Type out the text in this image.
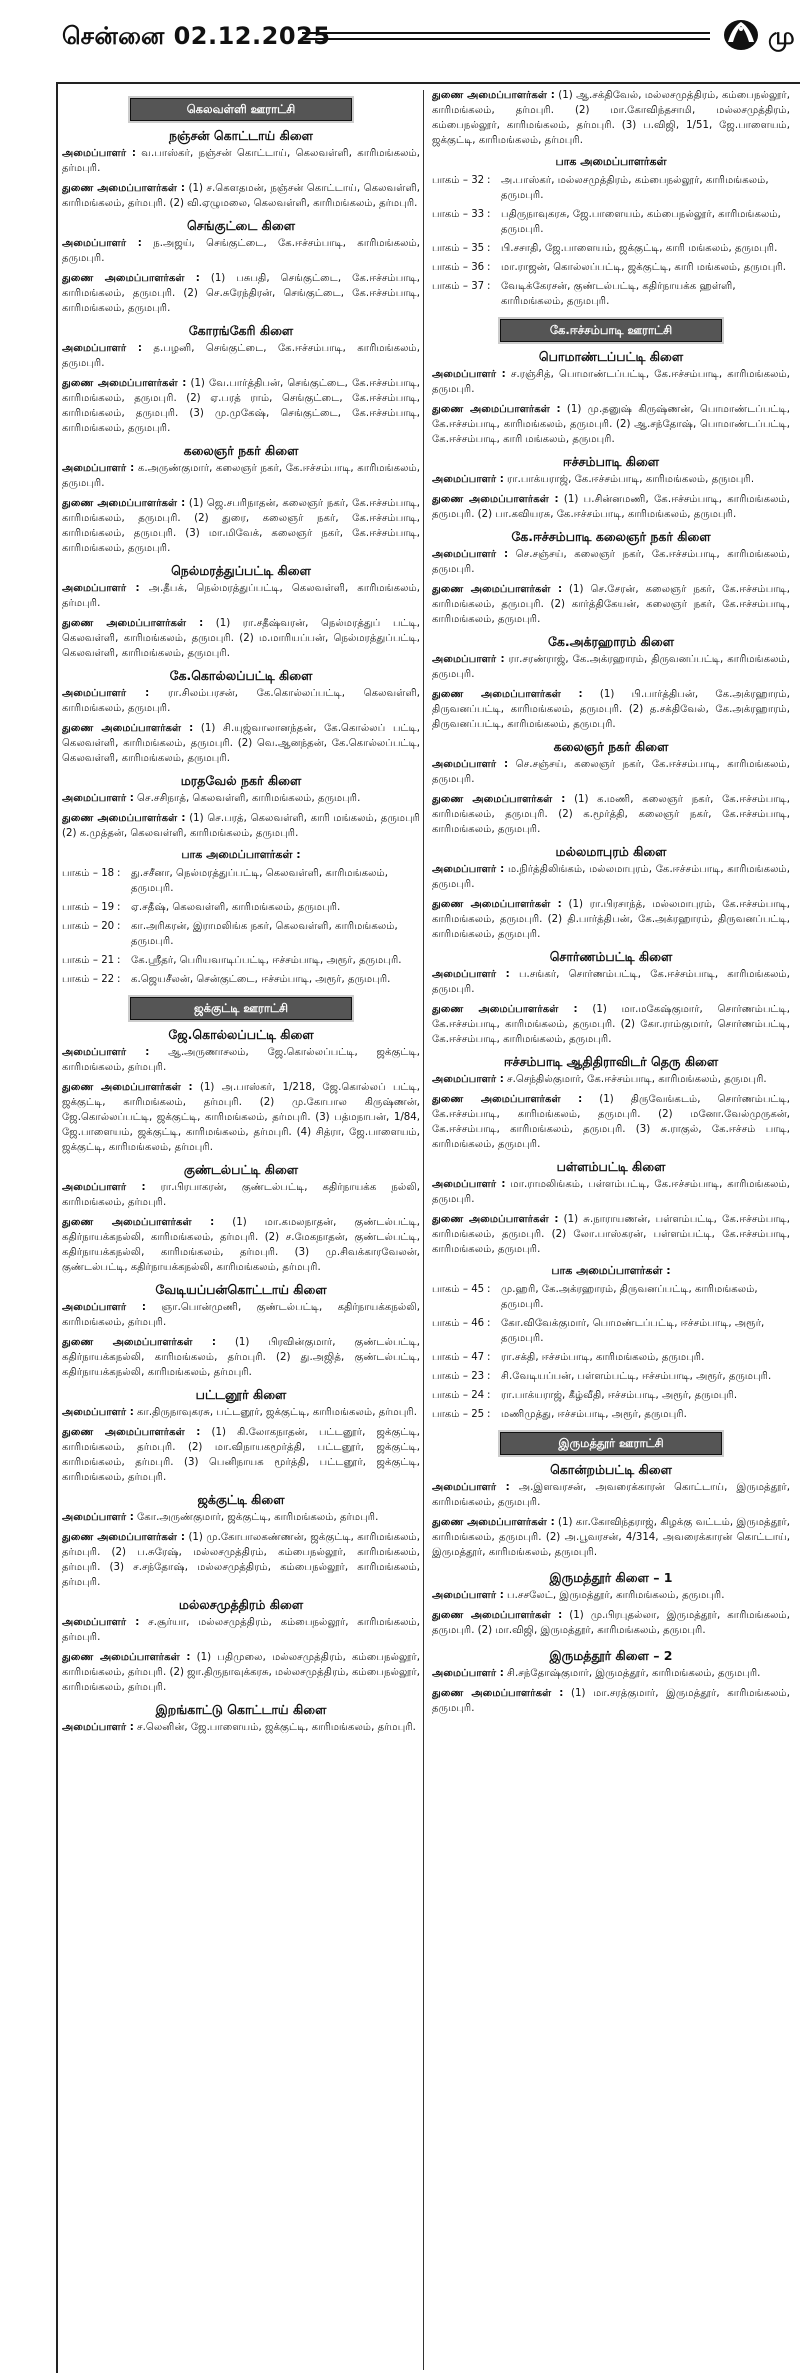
சென்னை 02.12.2025	மு
கெலவள்ளி ஊராட்சி
நஞ்சன் கொட்டாய் கிளை
அமைப்பாளர் : வ.பாஸ்கர், நஞ்சன் கொட்டாய், கெலவள்ளி, காரிமங்கலம், தர்மபுரி.
துணை அமைப்பாளர்கள் : (1) ச.கௌதமன், நஞ்சன் கொட்டாய், கெலவள்ளி, காரிமங்கலம், தர்மபுரி. (2) வி.ஏழுமலை, கெலவள்ளி, காரிமங்கலம், தர்மபுரி.
செங்குட்டை கிளை
அமைப்பாளர் : ந.அஜய், செங்குட்டை, கே.ஈச்சம்பாடி, காரிமங்கலம், தருமபுரி.
துணை அமைப்பாளர்கள் : (1) பசுபதி, செங்குட்டை, கே.ஈச்சம்பாடி, காரிமங்கலம், தருமபுரி. (2) செ.சுரேந்திரன், செங்குட்டை, கே.ஈச்சம்பாடி, காரிமங்கலம், தருமபுரி.
கோரங்கேரி கிளை
அமைப்பாளர் : த.பழனி, செங்குட்டை, கே.ஈச்சம்பாடி, காரிமங்கலம், தருமபுரி.
துணை அமைப்பாளர்கள் : (1) வே.பார்த்திபன், செங்குட்டை, கே.ஈச்சம்பாடி, காரிமங்கலம், தருமபுரி. (2) ஏ.பரத் ராம், செங்குட்டை, கே.ஈச்சம்பாடி, காரிமங்கலம், தருமபுரி. (3) மு.முகேஷ், செங்குட்டை, கே.ஈச்சம்பாடி, காரிமங்கலம், தருமபுரி.
கலைஞர் நகர் கிளை
அமைப்பாளர் : க.அருண்குமார், கலைஞர் நகர், கே.ஈச்சம்பாடி, காரிமங்கலம், தருமபுரி.
துணை அமைப்பாளர்கள் : (1) ஜெ.சபரிநாதன், கலைஞர் நகர், கே.ஈச்சம்பாடி, காரிமங்கலம், தருமபுரி. (2) துரை, கலைஞர் நகர், கே.ஈச்சம்பாடி, காரிமங்கலம், தருமபுரி. (3) மா.மிவேக், கலைஞர் நகர், கே.ஈச்சம்பாடி, காரிமங்கலம், தருமபுரி.
நெல்மரத்துப்பட்டி கிளை
அமைப்பாளர் : அ.தீபக், நெல்மரத்துப்பட்டி, கெலவள்ளி, காரிமங்கலம், தர்மபுரி.
துணை அமைப்பாளர்கள் : (1) ரா.சதீஷ்வரன், நெல்மரத்துப் பட்டி, கெலவள்ளி, காரிமங்கலம், தருமபுரி. (2) ம.மாரியப்பன், நெல்மரத்துப்பட்டி, கெலவள்ளி, காரிமங்கலம், தருமபுரி.
கே.கொல்லப்பட்டி கிளை
அமைப்பாளர் : ரா.சிலம்பரசன், கே.கொல்லப்பட்டி, கெலவள்ளி, காரிமங்கலம், தருமபுரி.
துணை அமைப்பாளர்கள் : (1) சி.யுஜ்வாலானந்தன், கே.கொல்லப் பட்டி, கெலவள்ளி, காரிமங்கலம், தருமபுரி. (2) வெ.ஆனந்தன், கே.கொல்லப்பட்டி, கெலவள்ளி, காரிமங்கலம், தருமபுரி.
மரதவேல் நகர் கிளை
அமைப்பாளர் : செ.சசிநாத், கெலவள்ளி, காரிமங்கலம், தருமபுரி.
துணை அமைப்பாளர்கள் : (1) செ.பரத், கெலவள்ளி, காரி மங்கலம், தருமபுரி (2) க.முத்தன், கெலவள்ளி, காரிமங்கலம், தருமபுரி.
பாக அமைப்பாளர்கள் :
பாகம் – 18 :	து.சசீனா, நெல்மரத்துப்பட்டி, கெலவள்ளி, காரிமங்கலம், தருமபுரி.
பாகம் – 19 :	ஏ.சதீஷ், கெலவள்ளி, காரிமங்கலம், தருமபுரி.
பாகம் – 20 :	கா.அரிகரன், இராமலிங்க நகர், கெலவள்ளி, காரிமங்கலம், தருமபுரி.
பாகம் – 21 :	கே.ஸ்ரீதர், பெரியவாடிப்பட்டி, ஈச்சம்பாடி, அரூர், தருமபுரி.
பாகம் – 22 :	க.ஜெயசீலன், சென்குட்டை, ஈச்சம்பாடி, அரூர், தருமபுரி.
ஜக்குட்டி ஊராட்சி
ஜே.கொல்லப்பட்டி கிளை
அமைப்பாளர் : ஆ.அருணாசலம், ஜே.கொல்லப்பட்டி, ஜக்குட்டி, காரிமங்கலம், தர்மபுரி.
துணை அமைப்பாளர்கள் : (1) அ.பாஸ்கர், 1/218, ஜே.கொல்லப் பட்டி, ஜக்குட்டி, காரிமங்கலம், தர்மபுரி. (2) மு.கோபால கிருஷ்ணன், ஜே.கொல்லப்பட்டி, ஜக்குட்டி, காரிமங்கலம், தர்மபுரி. (3) பத்மநாபன், 1/84, ஜே.பாளையம், ஜக்குட்டி, காரிமங்கலம், தர்மபுரி. (4) சித்ரா, ஜே.பாளையம், ஜக்குட்டி, காரிமங்கலம், தர்மபுரி.
குண்டல்பட்டி கிளை
அமைப்பாளர் : ரா.பிரபாகரன், குண்டல்பட்டி, கதிர்நாயக்க நல்லி, காரிமங்கலம், தர்மபுரி.
துணை அமைப்பாளர்கள் : (1) மா.கமலநாதன், குண்டல்பட்டி, கதிர்நாயக்கநல்லி, காரிமங்கலம், தர்மபுரி. (2) ச.மேகநாதன், குண்டல்பட்டி, கதிர்நாயக்கநல்லி, காரிமங்கலம், தர்மபுரி. (3) மு.சிவக்காரவேலன், குண்டல்பட்டி, கதிர்நாயக்கநல்லி, காரிமங்கலம், தர்மபுரி.
வேடியப்பன்கொட்டாய் கிளை
அமைப்பாளர் : ஞா.பொன்முணி, குண்டல்பட்டி, கதிர்நாயக்கநல்லி, காரிமங்கலம், தர்மபுரி.
துணை அமைப்பாளர்கள் : (1) பிரவின்குமார், குண்டல்பட்டி, கதிர்நாயக்கநல்லி, காரிமங்கலம், தர்மபுரி. (2) து.அஜித், குண்டல்பட்டி, கதிர்நாயக்கநல்லி, காரிமங்கலம், தர்மபுரி.
பட்டனூர் கிளை
அமைப்பாளர் : கா.திருநாவுகரசு, பட்டனூர், ஜக்குட்டி, காரிமங்கலம், தர்மபுரி.
துணை அமைப்பாளர்கள் : (1) கி.லோகநாதன், பட்டனூர், ஜக்குட்டி, காரிமங்கலம், தர்மபுரி. (2) மா.விநாயகமூர்த்தி, பட்டனூர், ஜக்குட்டி, காரிமங்கலம், தர்மபுரி. (3) பெனிநாயக மூர்த்தி, பட்டனூர், ஜக்குட்டி, காரிமங்கலம், தர்மபுரி.
ஜக்குட்டி கிளை
அமைப்பாளர் : கோ.அருண்குமார், ஜக்குட்டி, காரிமங்கலம், தர்மபுரி.
துணை அமைப்பாளர்கள் : (1) மு.கோபாலகண்ணன், ஜக்குட்டி, காரிமங்கலம், தர்மபுரி. (2) ப.சுரேஷ், மல்லசமுத்திரம், கம்பைநல்லூர், காரிமங்கலம், தர்மபுரி. (3) ச.சந்தோஷ், மல்லசமுத்திரம், கம்பைநல்லூர், காரிமங்கலம், தர்மபுரி.
மல்லசமுத்திரம் கிளை
அமைப்பாளர் : ச.சூர்யா, மல்லசமுத்திரம், கம்பைநல்லூர், காரிமங்கலம், தர்மபுரி.
துணை அமைப்பாளர்கள் : (1) பதிமுலை, மல்லசமுத்திரம், கம்பைநல்லூர், காரிமங்கலம், தர்மபுரி. (2) ஜா.திருநாவுக்கரசு, மல்லசமுத்திரம், கம்பைநல்லூர், காரிமங்கலம், தர்மபுரி.
இறங்காட்டு கொட்டாய் கிளை
அமைப்பாளர் : ச.லெனின், ஜே.பாளையம், ஜக்குட்டி, காரிமங்கலம், தர்மபுரி.
துணை அமைப்பாளர்கள் : (1) ஆ.சக்திவேல், மல்லசமுத்திரம், கம்பைநல்லூர், காரிமங்கலம், தர்மபுரி. (2) மா.கோவிந்தசாமி, மல்லசமுத்திரம், கம்பைநல்லூர், காரிமங்கலம், தர்மபுரி. (3) ப.விஜி, 1/51, ஜே.பாளையம், ஜக்குட்டி, காரிமங்கலம், தர்மபுரி.
பாக அமைப்பாளர்கள்
பாகம் – 32 :	அ.பாஸ்கர், மல்லசமுத்திரம், கம்பைநல்லூர், காரிமங்கலம், தருமபுரி.
பாகம் – 33 :	பதிருநாவுகரசு, ஜே.பாளையம், கம்பைநல்லூர், காரிமங்கலம், தருமபுரி.
பாகம் – 35 :	பி.சசாதி, ஜே.பாளையம், ஜக்குட்டி, காரி மங்கலம், தருமபுரி.
பாகம் – 36 :	மா.ராஜன், கொல்லப்பட்டி, ஜக்குட்டி, காரி மங்கலம், தருமபுரி.
பாகம் – 37 :	வேடிக்கேரசன், குண்டல்பட்டி, கதிர்நாயக்க ஹள்ளி, காரிமங்கலம், தருமபுரி.
கே.ஈச்சம்பாடி ஊராட்சி
பொமாண்டப்பட்டி கிளை
அமைப்பாளர் : ச.ரஞ்சித், பொமாண்டப்பட்டி, கே.ஈச்சம்பாடி, காரிமங்கலம், தருமபுரி.
துணை அமைப்பாளர்கள் : (1) மு.தனுஷ் கிருஷ்ணன், பொமாண்டப்பட்டி, கே.ஈச்சம்பாடி, காரிமங்கலம், தருமபுரி. (2) ஆ.சந்தோஷ், பொமாண்டப்பட்டி, கே.ஈச்சம்பாடி, காரி மங்கலம், தருமபுரி.
ஈச்சம்பாடி கிளை
அமைப்பாளர் : ரா.பாக்யராஜ், கே.ஈச்சம்பாடி, காரிமங்கலம், தருமபுரி.
துணை அமைப்பாளர்கள் : (1) ப.சின்னமணி, கே.ஈச்சம்பாடி, காரிமங்கலம், தருமபுரி. (2) பா.கவியரசு, கே.ஈச்சம்பாடி, காரிமங்கலம், தருமபுரி.
கே.ஈச்சம்பாடி கலைஞர் நகர் கிளை
அமைப்பாளர் : செ.சஞ்சய், கலைஞர் நகர், கே.ஈச்சம்பாடி, காரிமங்கலம், தருமபுரி.
துணை அமைப்பாளர்கள் : (1) செ.சேரன், கலைஞர் நகர், கே.ஈச்சம்பாடி, காரிமங்கலம், தருமபுரி. (2) கார்த்திகேயன், கலைஞர் நகர், கே.ஈச்சம்பாடி, காரிமங்கலம், தருமபுரி.
கே.அக்ரஹாரம் கிளை
அமைப்பாளர் : ரா.சரண்ராஜ், கே.அக்ரஹாரம், திருவனப்பட்டி, காரிமங்கலம், தருமபுரி.
துணை அமைப்பாளர்கள் : (1) பி.பார்த்திபன், கே.அக்ரஹாரம், திருவனப்பட்டி, காரிமங்கலம், தருமபுரி. (2) த.சக்திவேல், கே.அக்ரஹாரம், திருவனப்பட்டி, காரிமங்கலம், தருமபுரி.
கலைஞர் நகர் கிளை
அமைப்பாளர் : செ.சஞ்சய், கலைஞர் நகர், கே.ஈச்சம்பாடி, காரிமங்கலம், தருமபுரி.
துணை அமைப்பாளர்கள் : (1) க.மணி, கலைஞர் நகர், கே.ஈச்சம்பாடி, காரிமங்கலம், தருமபுரி. (2) க.மூர்த்தி, கலைஞர் நகர், கே.ஈச்சம்பாடி, காரிமங்கலம், தருமபுரி.
மல்லமாபுரம் கிளை
அமைப்பாளர் : ம.நிர்த்திலிங்கம், மல்லமாபுரம், கே.ஈச்சம்பாடி, காரிமங்கலம், தருமபுரி.
துணை அமைப்பாளர்கள் : (1) ரா.பிரசாந்த், மல்லமாபுரம், கே.ஈச்சம்பாடி, காரிமங்கலம், தருமபுரி. (2) தி.பார்த்திபன், கே.அக்ரஹாரம், திருவனப்பட்டி, காரிமங்கலம், தருமபுரி.
சொர்ணம்பட்டி கிளை
அமைப்பாளர் : ப.சங்கர், சொர்ணம்பட்டி, கே.ஈச்சம்பாடி, காரிமங்கலம், தருமபுரி.
துணை அமைப்பாளர்கள் : (1) மா.மகேஷ்குமார், சொர்ணம்பட்டி, கே.ஈச்சம்பாடி, காரிமங்கலம், தருமபுரி. (2) கோ.ராம்குமார், சொர்ணம்பட்டி, கே.ஈச்சம்பாடி, காரிமங்கலம், தருமபுரி.
ஈச்சம்பாடி ஆதிதிராவிடர் தெரு கிளை
அமைப்பாளர் : ச.செந்தில்குமார், கே.ஈச்சம்பாடி, காரிமங்கலம், தருமபுரி.
துணை அமைப்பாளர்கள் : (1) திருவேங்கடம், சொர்ணம்பட்டி, கே.ஈச்சம்பாடி, காரிமங்கலம், தருமபுரி. (2) மனோ.வேல்முருகன், கே.ஈச்சம்பாடி, காரிமங்கலம், தருமபுரி. (3) சு.ராகுல், கே.ஈச்சம் பாடி, காரிமங்கலம், தருமபுரி.
பள்ளம்பட்டி கிளை
அமைப்பாளர் : மா.ராமலிங்கம், பள்ளம்பட்டி, கே.ஈச்சம்பாடி, காரிமங்கலம், தருமபுரி.
துணை அமைப்பாளர்கள் : (1) சு.நாராயணன், பள்ளம்பட்டி, கே.ஈச்சம்பாடி, காரிமங்கலம், தருமபுரி. (2) லோ.பாஸ்கரன், பள்ளம்பட்டி, கே.ஈச்சம்பாடி, காரிமங்கலம், தருமபுரி.
பாக அமைப்பாளர்கள் :
பாகம் – 45 :	மு.ஹரி, கே.அக்ரஹாரம், திருவனப்பட்டி, காரிமங்கலம், தருமபுரி.
பாகம் – 46 :	கோ.விவேக்குமார், பொமண்டப்பட்டி, ஈச்சம்பாடி, அரூர், தருமபுரி.
பாகம் – 47 :	ரா.சக்தி, ஈச்சம்பாடி, காரிமங்கலம், தருமபுரி.
பாகம் – 23 :	சி.வேடியப்பன், பள்ளம்பட்டி, ஈச்சம்பாடி, அரூர், தருமபுரி.
பாகம் – 24 :	ரா.பாக்யராஜ், கீழ்வீதி, ஈச்சம்பாடி, அரூர், தருமபுரி.
பாகம் – 25 :	மணிமுத்து, ஈச்சம்பாடி, அரூர், தருமபுரி.
இருமத்தூர் ஊராட்சி
கொன்றம்பட்டி கிளை
அமைப்பாளர் : அ.இளவரசன், அவரைக்காரன் கொட்டாய், இருமத்தூர், காரிமங்கலம், தருமபுரி.
துணை அமைப்பாளர்கள் : (1) கா.கோவிந்தராஜ், கிழக்கு வட்டம், இருமத்தூர், காரிமங்கலம், தருமபுரி. (2) அ.பூவரசன், 4/314, அவரைக்காரன் கொட்டாய், இருமத்தூர், காரிமங்கலம், தருமபுரி.
இருமத்தூர் கிளை – 1
அமைப்பாளர் : ப.சசலேட், இருமத்தூர், காரிமங்கலம், தருமபுரி.
துணை அமைப்பாளர்கள் : (1) மு.பிரபுதல்லா, இருமத்தூர், காரிமங்கலம், தருமபுரி. (2) மா.விஜி, இருமத்தூர், காரிமங்கலம், தருமபுரி.
இருமத்தூர் கிளை – 2
அமைப்பாளர் : சி.சந்தோஷ்குமார், இருமத்தூர், காரிமங்கலம், தருமபுரி.
துணை அமைப்பாளர்கள் : (1) மா.சரத்குமார், இருமத்தூர், காரிமங்கலம், தருமபுரி.
